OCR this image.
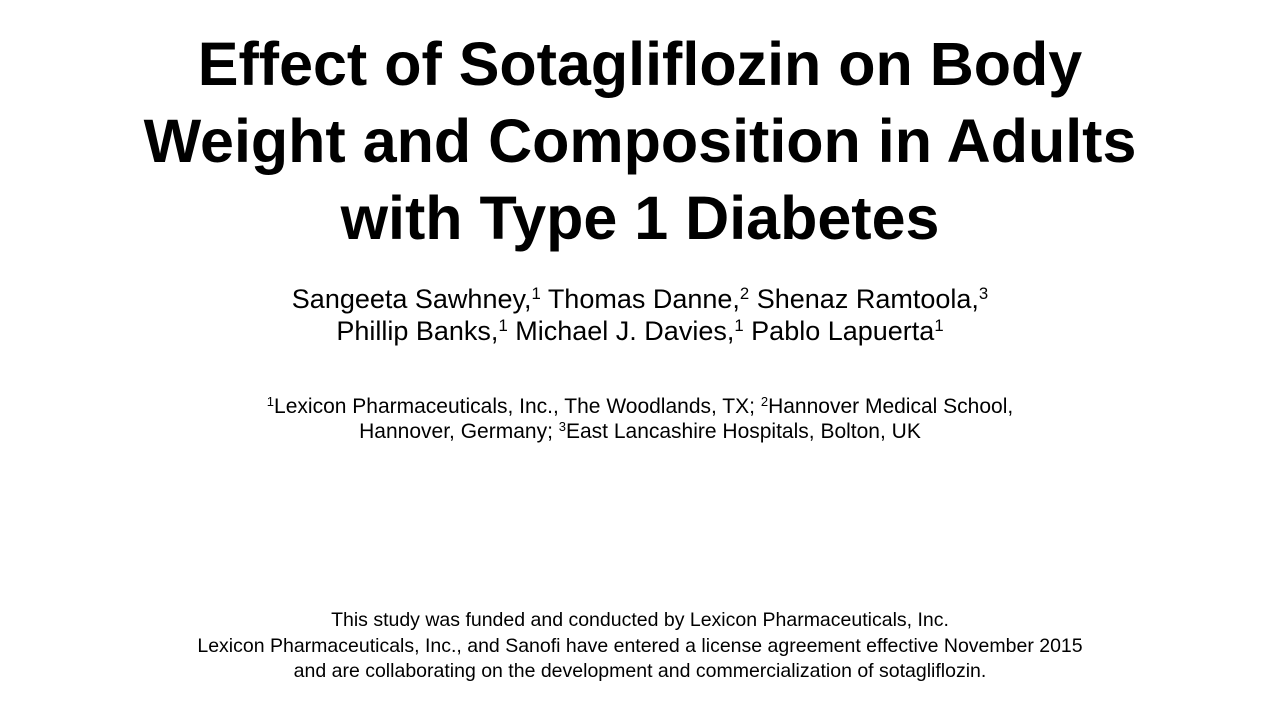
Effect of Sotagliflozin on Body
Weight and Composition in Adults
with Type 1 Diabetes
Sangeeta Sawhney,$^1$ Thomas Danne,$^2$ Shenaz Ramtoola,$^3$
Phillip Banks,$^1$ Michael J. Davies,$^1$ Pablo Lapuerta$^1$
$^1$Lexicon Pharmaceuticals, Inc., The Woodlands, TX; $^2$Hannover Medical School,
Hannover, Germany; $^3$East Lancashire Hospitals, Bolton, UK
This study was funded and conducted by Lexicon Pharmaceuticals, Inc.
Lexicon Pharmaceuticals, Inc., and Sanofi have entered a license agreement effective November 2015
and are collaborating on the development and commercialization of sotagliflozin.
